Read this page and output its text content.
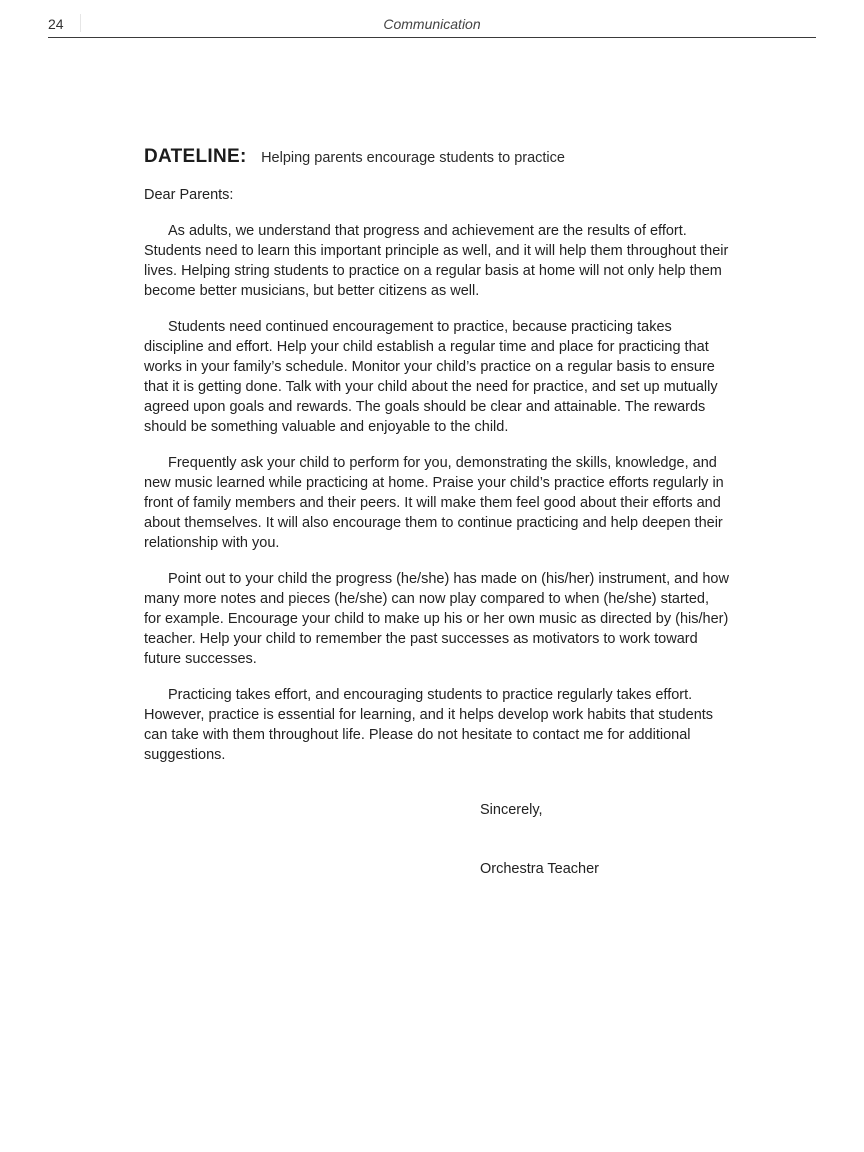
24	Communication
DATELINE: Helping parents encourage students to practice

Dear Parents:

As adults, we understand that progress and achievement are the results of effort. Students need to learn this important principle as well, and it will help them throughout their lives. Helping string students to practice on a regular basis at home will not only help them become better musicians, but better citizens as well.

Students need continued encouragement to practice, because practicing takes discipline and effort. Help your child establish a regular time and place for practicing that works in your family’s schedule. Monitor your child’s practice on a regular basis to ensure that it is getting done. Talk with your child about the need for practice, and set up mutually agreed upon goals and rewards. The goals should be clear and attainable. The rewards should be something valuable and enjoyable to the child.

Frequently ask your child to perform for you, demonstrating the skills, knowledge, and new music learned while practicing at home. Praise your child’s practice efforts regularly in front of family members and their peers. It will make them feel good about their efforts and about themselves. It will also encourage them to continue practicing and help deepen their relationship with you.

Point out to your child the progress (he/she) has made on (his/her) instrument, and how many more notes and pieces (he/she) can now play compared to when (he/she) started, for example. Encourage your child to make up his or her own music as directed by (his/her) teacher. Help your child to remember the past successes as motivators to work toward future successes.

Practicing takes effort, and encouraging students to practice regularly takes effort. However, practice is essential for learning, and it helps develop work habits that students can take with them throughout life. Please do not hesitate to contact me for additional suggestions.

Sincerely,
Orchestra Teacher
